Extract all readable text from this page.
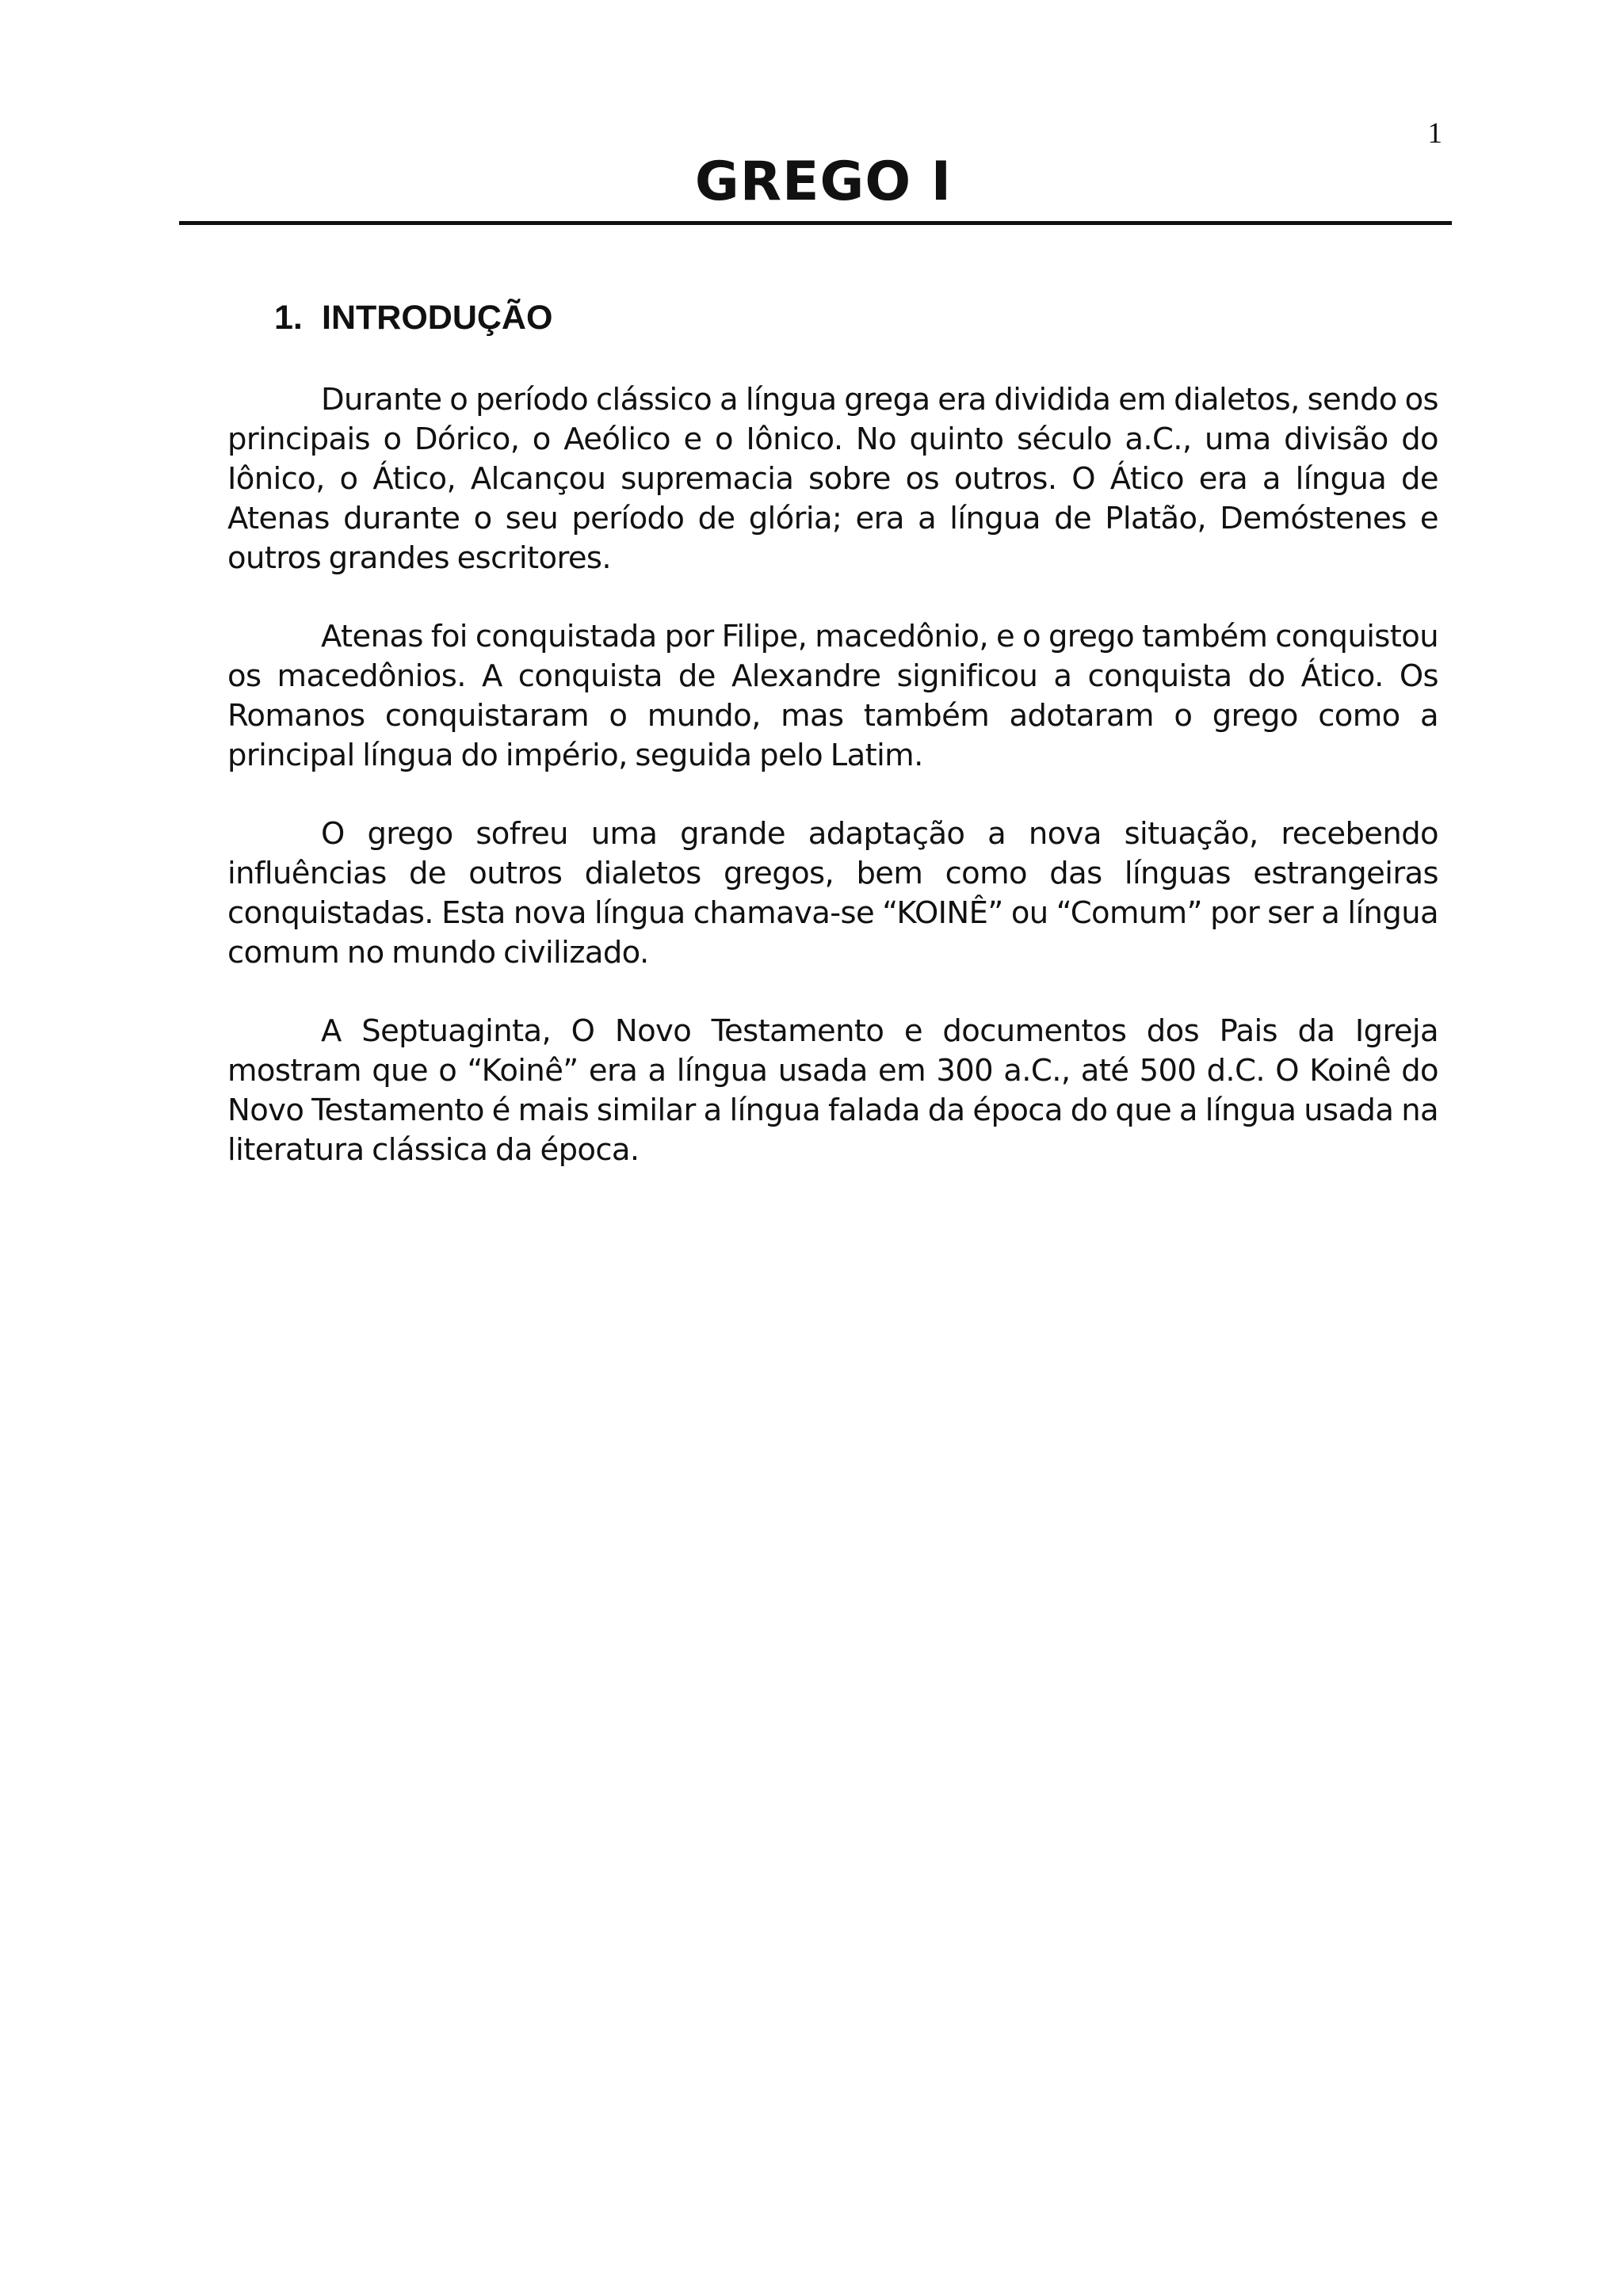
1
GREGO I
1. INTRODUÇÃO

Durante o período clássico a língua grega era dividida em dialetos, sendo os principais o Dórico, o Aeólico e o Iônico. No quinto século a.C., uma divisão do Iônico, o Ático, Alcançou supremacia sobre os outros. O Ático era a língua de Atenas durante o seu período de glória; era a língua de Platão, Demóstenes e outros grandes escritores.

Atenas foi conquistada por Filipe, macedônio, e o grego também conquistou os macedônios. A conquista de Alexandre significou a conquista do Ático. Os Romanos conquistaram o mundo, mas também adotaram o grego como a principal língua do império, seguida pelo Latim.

O grego sofreu uma grande adaptação a nova situação, recebendo influências de outros dialetos gregos, bem como das línguas estrangeiras conquistadas. Esta nova língua chamava-se “KOINÊ” ou “Comum” por ser a língua comum no mundo civilizado.

A Septuaginta, O Novo Testamento e documentos dos Pais da Igreja mostram que o “Koinê” era a língua usada em 300 a.C., até 500 d.C. O Koinê do Novo Testamento é mais similar a língua falada da época do que a língua usada na literatura clássica da época.
